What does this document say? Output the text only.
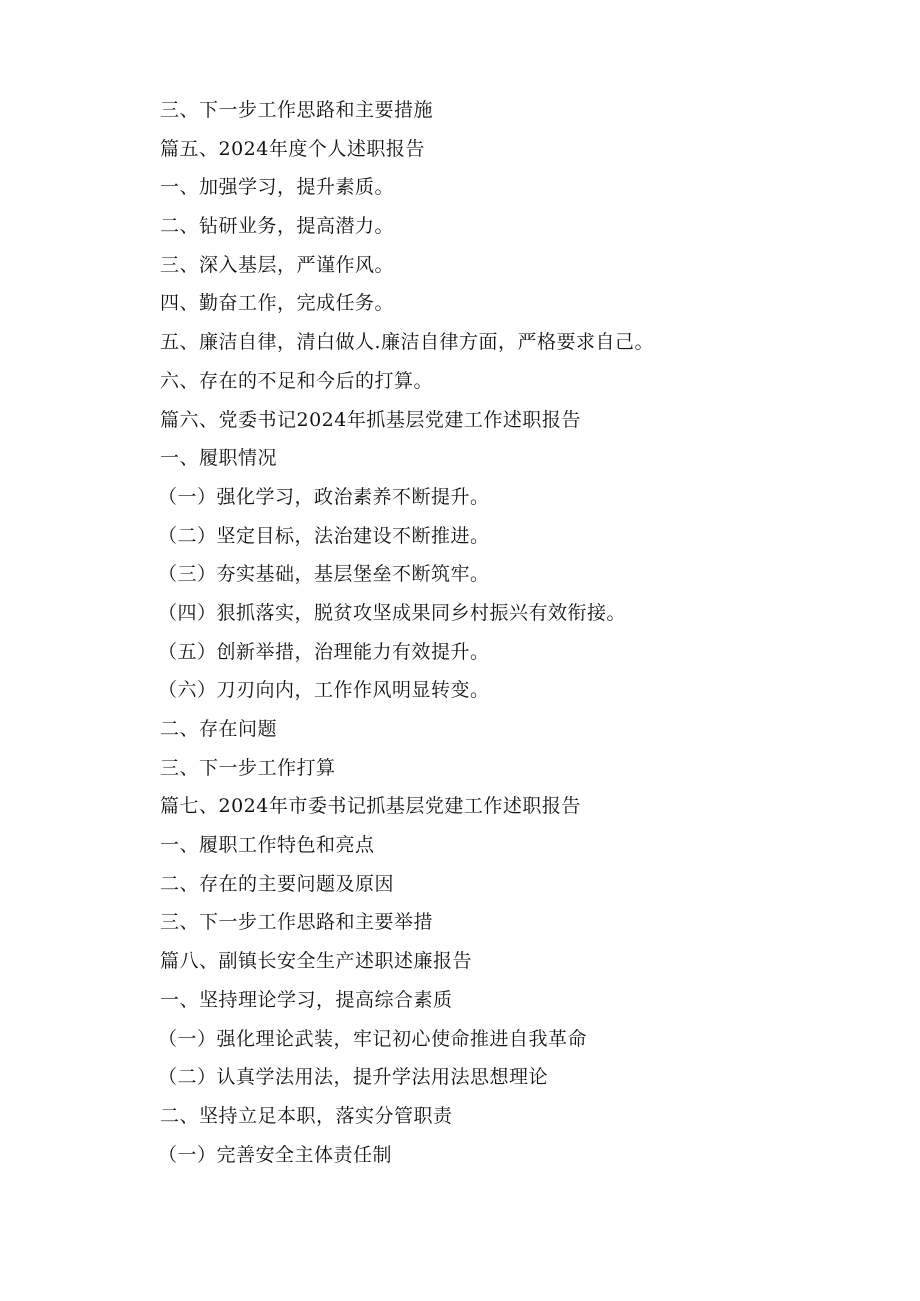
三、下一步工作思路和主要措施
篇五、2024年度个人述职报告
一、加强学习，提升素质。
二、钻研业务，提高潜力。
三、深入基层，严谨作风。
四、勤奋工作，完成任务。
五、廉洁自律，清白做人.廉洁自律方面，严格要求自己。
六、存在的不足和今后的打算。
篇六、党委书记2024年抓基层党建工作述职报告
一、履职情况
（一）强化学习，政治素养不断提升。
（二）坚定目标，法治建设不断推进。
（三）夯实基础，基层堡垒不断筑牢。
（四）狠抓落实，脱贫攻坚成果同乡村振兴有效衔接。
（五）创新举措，治理能力有效提升。
（六）刀刃向内，工作作风明显转变。
二、存在问题
三、下一步工作打算
篇七、2024年市委书记抓基层党建工作述职报告
一、履职工作特色和亮点
二、存在的主要问题及原因
三、下一步工作思路和主要举措
篇八、副镇长安全生产述职述廉报告
一、坚持理论学习，提高综合素质
（一）强化理论武装，牢记初心使命推进自我革命
（二）认真学法用法，提升学法用法思想理论
二、坚持立足本职，落实分管职责
（一）完善安全主体责任制
